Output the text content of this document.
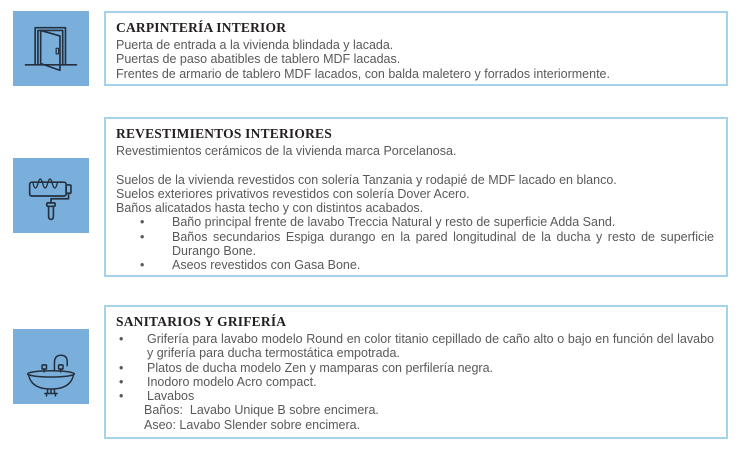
CARPINTERÍA INTERIOR
Puerta de entrada a la vivienda blindada y lacada.
Puertas de paso abatibles de tablero MDF lacadas.
Frentes de armario de tablero MDF lacados, con balda maletero y forrados interiormente.
REVESTIMIENTOS INTERIORES
Revestimientos cerámicos de la vivienda marca Porcelanosa.
Suelos de la vivienda revestidos con solería Tanzania y rodapié de MDF lacado en blanco.
Suelos exteriores privativos revestidos con solería Dover Acero.
Baños alicatados hasta techo y con distintos acabados.
•	Baño principal frente de lavabo Treccia Natural y resto de superficie Adda Sand.
•	Baños secundarios Espiga durango en la pared longitudinal de la ducha y resto de superficie Durango Bone.
•	Aseos revestidos con Gasa Bone.
SANITARIOS Y GRIFERÍA
•	Grifería para lavabo modelo Round en color titanio cepillado de caño alto o bajo en función del lavabo y grifería para ducha termostática empotrada.
•	Platos de ducha modelo Zen y mamparas con perfilería negra.
•	Inodoro modelo Acro compact.
•	Lavabos
Baños:  Lavabo Unique B sobre encimera.
Aseo: Lavabo Slender sobre encimera.
